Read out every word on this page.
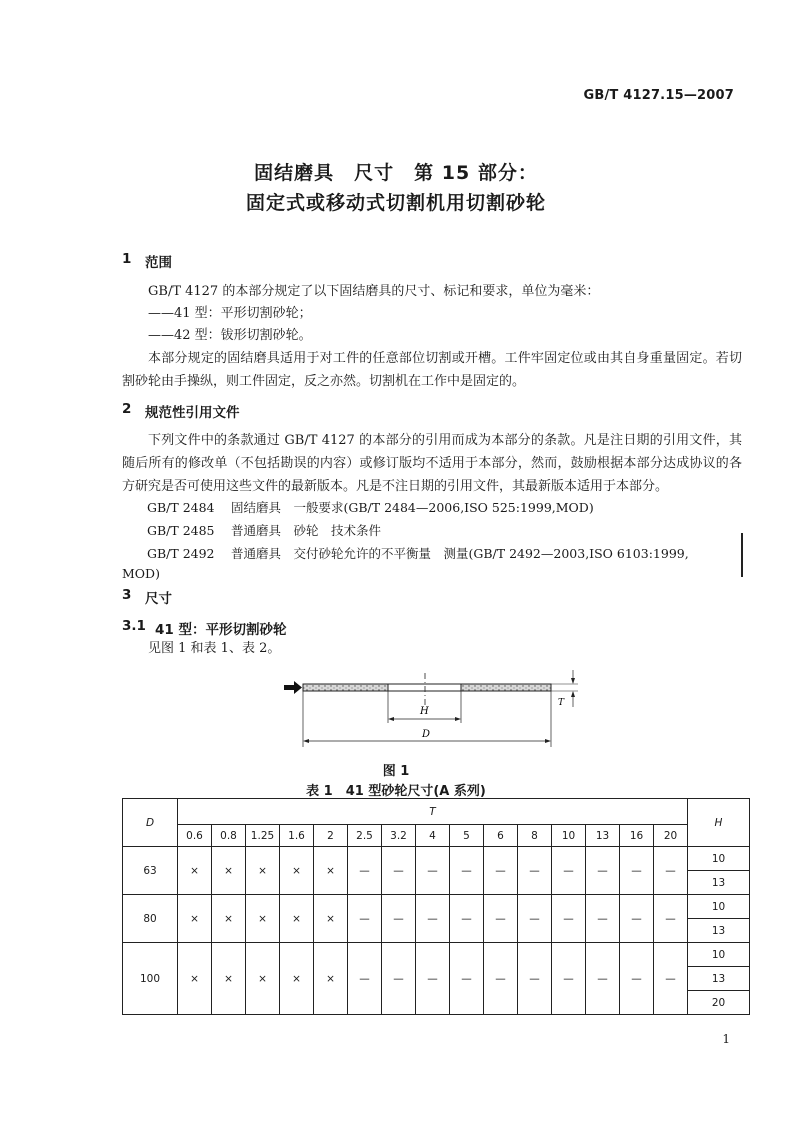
GB/T 4127.15—2007
固结磨具　尺寸　第 15 部分：
固定式或移动式切割机用切割砂轮
1 范围
GB/T 4127 的本部分规定了以下固结磨具的尺寸、标记和要求，单位为毫米：
——41 型：平形切割砂轮；
——42 型：钹形切割砂轮。
本部分规定的固结磨具适用于对工件的任意部位切割或开槽。工件牢固定位或由其自身重量固定。若切割砂轮由手操纵，则工件固定，反之亦然。切割机在工作中是固定的。
2 规范性引用文件
下列文件中的条款通过 GB/T 4127 的本部分的引用而成为本部分的条款。凡是注日期的引用文件，其随后所有的修改单（不包括勘误的内容）或修订版均不适用于本部分，然而，鼓励根据本部分达成协议的各方研究是否可使用这些文件的最新版本。凡是不注日期的引用文件，其最新版本适用于本部分。
GB/T 2484 固结磨具　一般要求(GB/T 2484—2006,ISO 525:1999,MOD)
GB/T 2485 普通磨具　砂轮　技术条件
GB/T 2492 普通磨具　交付砂轮允许的不平衡量　测量(GB/T 2492—2003,ISO 6103:1999,
MOD)
3 尺寸
3.1 41 型：平形切割砂轮
见图 1 和表 1、表 2。
H
D
T
图 1
表 1　41 型砂轮尺寸(A 系列)
D	T															H
	0.6	0.8	1.25	1.6	2	2.5	3.2	4	5	6	8	10	13	16	20	
63	×	×	×	×	×	—	—	—	—	—	—	—	—	—	—	10
																13
80	×	×	×	×	×	—	—	—	—	—	—	—	—	—	—	10
																13
100	×	×	×	×	×	—	—	—	—	—	—	—	—	—	—	10
																13
																20
1
